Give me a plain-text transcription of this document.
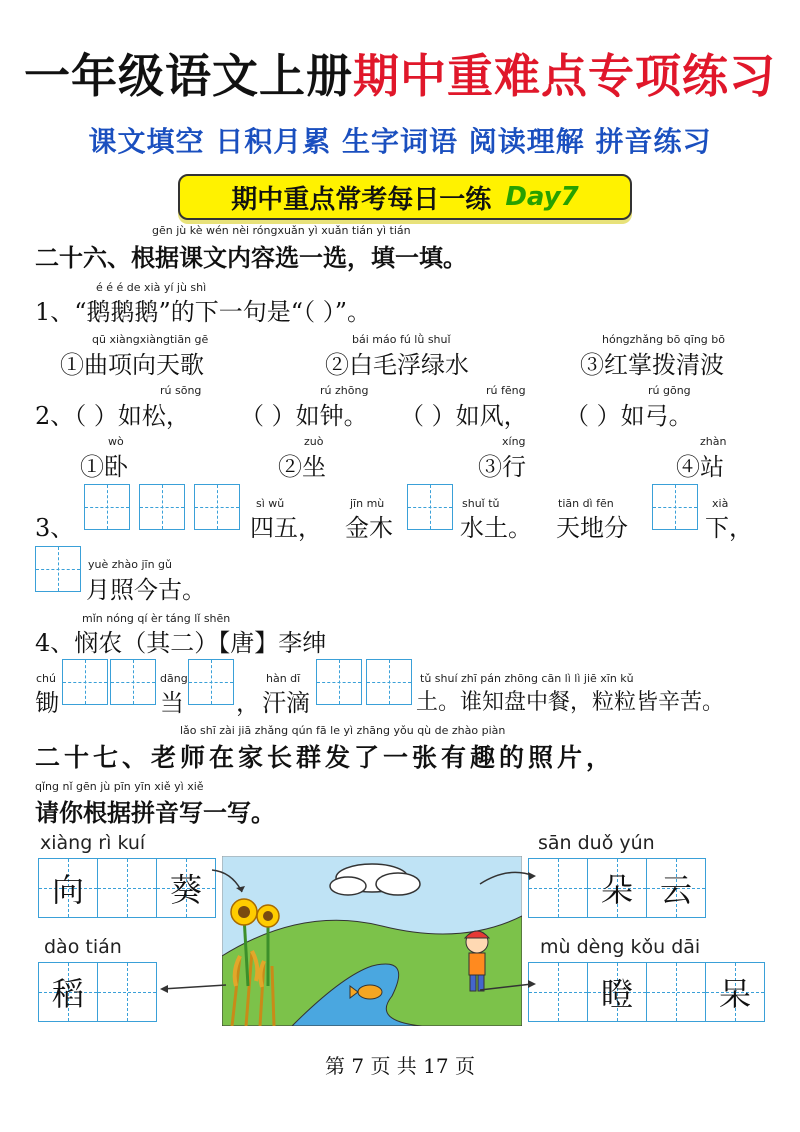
一年级语文上册期中重难点专项练习
课文填空 日积月累 生字词语 阅读理解 拼音练习
期中重点常考每日一练 Day7
gēn jù kè wén nèi róngxuǎn yì xuǎn tián yì tián
二十六、根据课文内容选一选，填一填。
é é é de xià yí jù shì
1、“鹅鹅鹅”的下一句是“（ ）”。
qū xiàngxiàngtiān gē
①曲项向天歌
bái máo fú lǜ shuǐ
②白毛浮绿水
hóngzhǎng bō qīng bō
③红掌拨清波
rú sōng
2、（ ）如松，
rú zhōng
（ ）如钟。
rú fēng
（ ）如风，
rú gōng
（ ）如弓。
wò
①卧
zuò
②坐
xíng
③行
zhàn
④站
3、
sì wǔ
四五，
jīn mù
金木
shuǐ tǔ
水土。
tiān dì fēn
天地分
xià
下，
yuè zhào jīn gǔ
月照今古。
mǐn nóng qí èr táng lǐ shēn
4、悯农（其二）【唐】李绅
chú
锄
dāng
当 ，
hàn dī
汗滴
tǔ shuí zhī pán zhōng cān lì lì jiē xīn kǔ
土。谁知盘中餐，粒粒皆辛苦。
lǎo shī zài jiā zhǎng qún fā le yì zhāng yǒu qù de zhào piàn
二十七、老师在家长群发了一张有趣的照片，
qǐng nǐ gēn jù pīn yīn xiě yì xiě
请你根据拼音写一写。
xiàng rì kuí
向	葵
dào tián
稻
sān duǒ yún
朵 云
mù dèng kǒu dāi
瞪	呆
第 7 页 共 17 页
